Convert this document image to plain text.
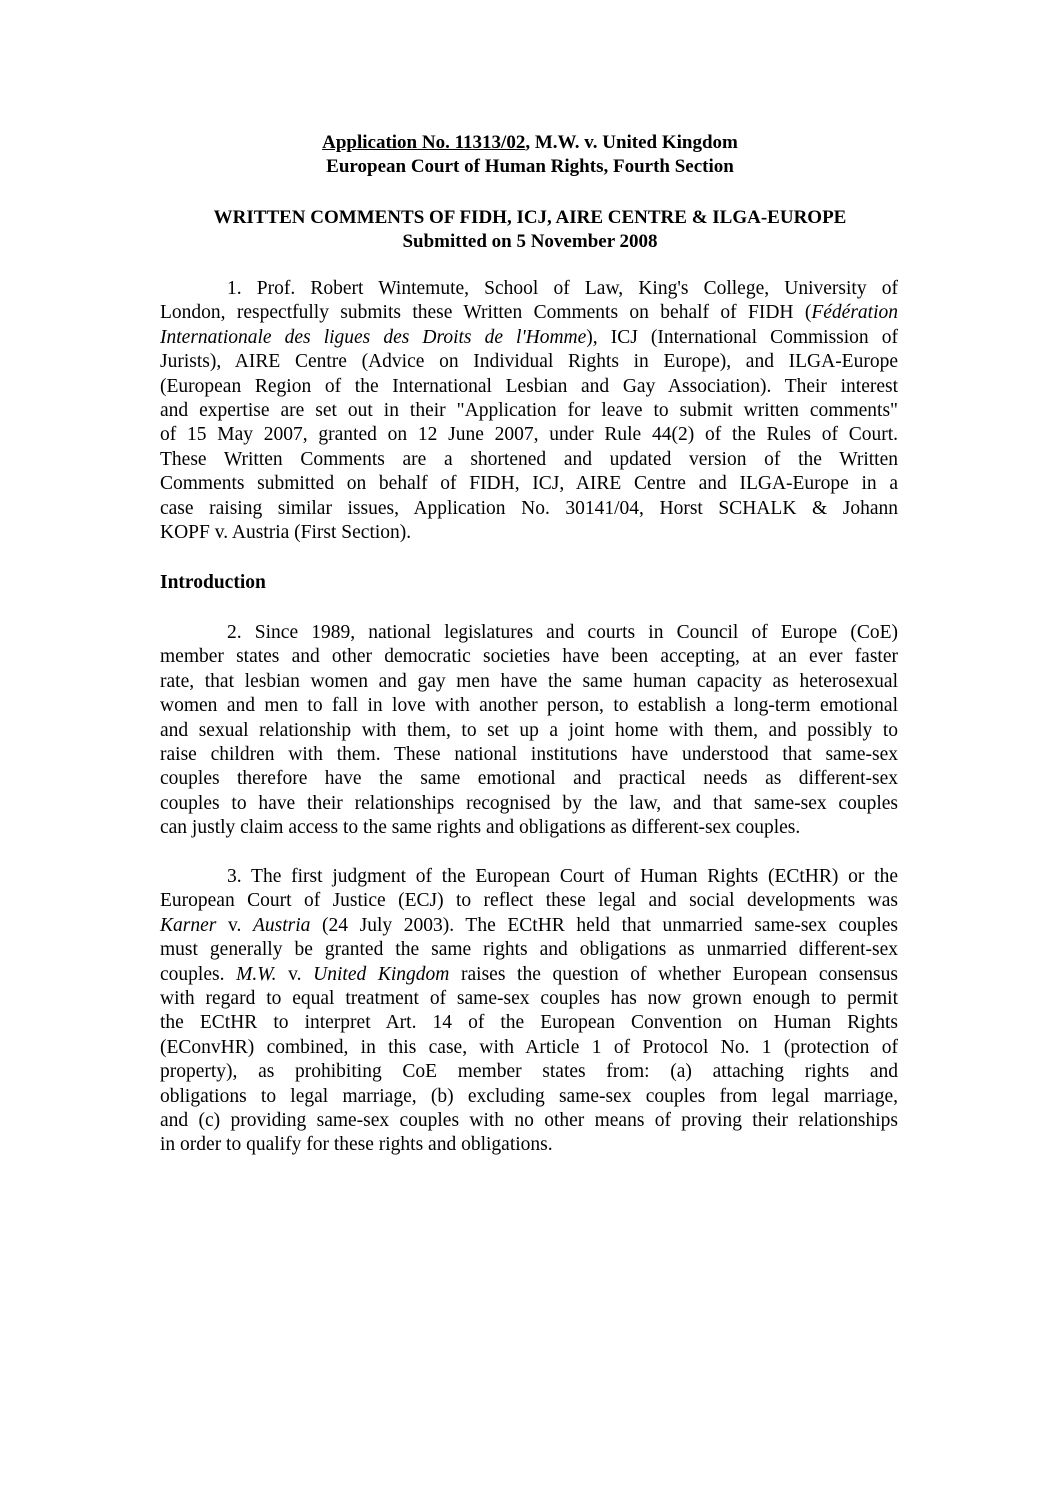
Application No. 11313/02, M.W. v. United Kingdom
European Court of Human Rights, Fourth Section
WRITTEN COMMENTS OF FIDH, ICJ, AIRE CENTRE & ILGA-EUROPE
Submitted on 5 November 2008
1. Prof. Robert Wintemute, School of Law, King's College, University of
London, respectfully submits these Written Comments on behalf of FIDH (Fédération
Internationale des ligues des Droits de l'Homme), ICJ (International Commission of
Jurists), AIRE Centre (Advice on Individual Rights in Europe), and ILGA-Europe
(European Region of the International Lesbian and Gay Association). Their interest
and expertise are set out in their "Application for leave to submit written comments"
of 15 May 2007, granted on 12 June 2007, under Rule 44(2) of the Rules of Court.
These Written Comments are a shortened and updated version of the Written
Comments submitted on behalf of FIDH, ICJ, AIRE Centre and ILGA-Europe in a
case raising similar issues, Application No. 30141/04, Horst SCHALK & Johann
KOPF v. Austria (First Section).
Introduction
2. Since 1989, national legislatures and courts in Council of Europe (CoE)
member states and other democratic societies have been accepting, at an ever faster
rate, that lesbian women and gay men have the same human capacity as heterosexual
women and men to fall in love with another person, to establish a long-term emotional
and sexual relationship with them, to set up a joint home with them, and possibly to
raise children with them. These national institutions have understood that same-sex
couples therefore have the same emotional and practical needs as different-sex
couples to have their relationships recognised by the law, and that same-sex couples
can justly claim access to the same rights and obligations as different-sex couples.
3. The first judgment of the European Court of Human Rights (ECtHR) or the
European Court of Justice (ECJ) to reflect these legal and social developments was
Karner v. Austria (24 July 2003). The ECtHR held that unmarried same-sex couples
must generally be granted the same rights and obligations as unmarried different-sex
couples. M.W. v. United Kingdom raises the question of whether European consensus
with regard to equal treatment of same-sex couples has now grown enough to permit
the ECtHR to interpret Art. 14 of the European Convention on Human Rights
(EConvHR) combined, in this case, with Article 1 of Protocol No. 1 (protection of
property), as prohibiting CoE member states from: (a) attaching rights and
obligations to legal marriage, (b) excluding same-sex couples from legal marriage,
and (c) providing same-sex couples with no other means of proving their relationships
in order to qualify for these rights and obligations.
